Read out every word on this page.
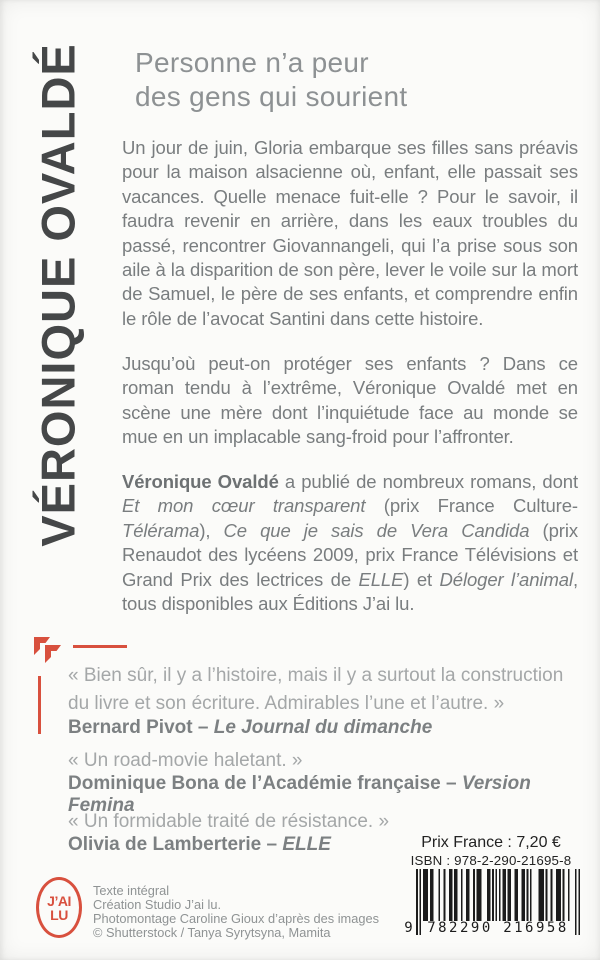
VÉRONIQUE OVALDÉ Personne n’a peur
des gens qui sourient
Un jour de juin, Gloria embarque ses filles sans préavis pour la maison alsacienne où, enfant, elle passait ses vacances. Quelle menace fuit-elle ? Pour le savoir, il faudra revenir en arrière, dans les eaux troubles du passé, rencontrer Giovannangeli, qui l’a prise sous son aile à la disparition de son père, lever le voile sur la mort de Samuel, le père de ses enfants, et comprendre enfin le rôle de l’avocat Santini dans cette histoire.
Jusqu’où peut-on protéger ses enfants ? Dans ce roman tendu à l’extrême, Véronique Ovaldé met en scène une mère dont l’inquiétude face au monde se mue en un implacable sang-froid pour l’affronter.
Véronique Ovaldé a publié de nombreux romans, dont Et mon cœur transparent (prix France Culture-Télérama), Ce que je sais de Vera Candida (prix Renaudot des lycéens 2009, prix France Télévisions et Grand Prix des lectrices de ELLE) et Déloger l’animal, tous disponibles aux Éditions J’ai lu.
« Bien sûr, il y a l’histoire, mais il y a surtout la construction du livre et son écriture. Admirables l’une et l’autre. »
Bernard Pivot – Le Journal du dimanche
« Un road-movie haletant. »
Dominique Bona de l’Académie française – Version Femina
« Un formidable traité de résistance. »
Olivia de Lamberterie – ELLE
J’AI
LU
Texte intégral
Création Studio J’ai lu.
Photomontage Caroline Gioux d’après des images
© Shutterstock / Tanya Syrytsyna, Mamita
Prix France : 7,20 €
ISBN : 978-2-290-21695-8
9	782290 216958
